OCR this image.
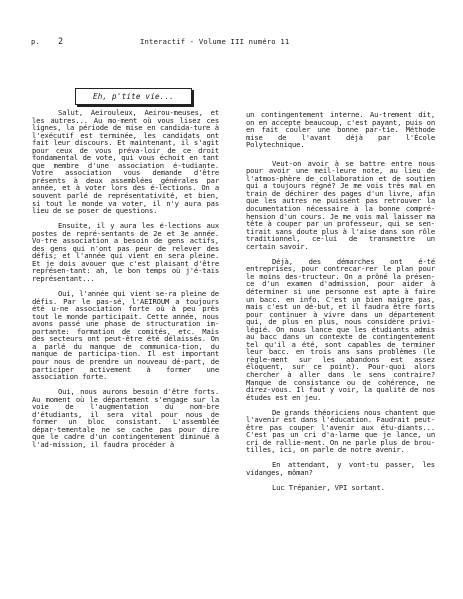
p. 2	Interactif - Volume III numéro 11
Eh, p'tite vie...

Salut, Aeirouleux, Aeirou-meuses, et les autres... Au mo-ment où vous lisez ces lignes, la période de mise en candida-ture à l'exécutif est terminée, les candidats ont fait leur discours. Et maintenant, il s'agit pour ceux de vous préva-loir de ce droit fondamental de vote, qui vous échoit en tant que membre d'une association é-tudiante. Votre association vous demande d'être présents à deux assemblées générales par année, et à voter lors des é-lections. On a souvent parlé de représentativité, et bien, si tout le monde va voter, il n'y aura pas lieu de se poser de questions.

Ensuite, il y aura les é-lections aux postes de repré-sentants de 2e et 3e année. Vo-tre association a besoin de gens actifs, des gens qui n'ont pas peur de relever des défis; et l'année qui vient en sera pleine. Et je dois avouer que c'est plaisant d'être représen-tant: ah, le bon temps où j'é-tais représentant...

Oui, l'année qui vient se-ra pleine de défis. Par le pas-sé, l'AEIROUM a toujours été u-ne association forte où à peu près tout le monde participait. Cette année, nous avons passé une phase de structuration im-portante: formation de comités, etc. Mais des secteurs ont peut-être été délaissés. On a parlé du manque de communica-tion, du manque de participa-tion. Il est important pour nous de prendre un nouveau dé-part, de participer activement à former une association forte.

Oui, nous aurons besoin d'être forts. Au moment où le département s'engage sur la voie de l'augmentation du nom-bre d'étudiants, il sera vital pour nous de former un bloc consistant. L'assemblée dépar-tementale ne se cache pas pour dire que le cadre d'un contingentement diminué à l'ad-mission, il faudra procéder à

un contingentement interne. Au-trement dit, on en accepte beaucoup, c'est payant, puis on en fait couler une bonne par-tie. Méthode mise de l'avant déjà par l'École Polytechnique.

Veut-on avoir à se battre entre nous pour avoir une meil-leure note, au lieu de l'atmos-phère de collaboration et de soutien qui a toujours régné? Je me vois très mal en train de déchirer des pages d'un livre, afin que les autres ne puissent pas retrouver la documentation nécessaire à la bonne compré-hension d'un cours. Je me vois mal laisser ma tête à couper par un professeur, qui se sen-tirait sans doute plus à l'aise dans son rôle traditionnel, ce-lui de transmettre un certain savoir.

Déjà, des démarches ont é-té entreprises, pour contrecar-rer le plan pour le moins des-tructeur. On a prôné la présen-ce d'un examen d'admission, pour aider à déterminer si une personne est apte à faire un bacc. en info. C'est un bien maigre pas, mais c'est un dé-but, et il faudra être forts pour continuer à vivre dans un département qui, de plus en plus, nous considère privi-légié. On nous lance que les étudiants admis au bacc dans un contexte de contingentement tel qu'il a été, sont capables de terminer leur bacc. en trois ans sans problèmes (le règle-ment sur les abandons est assez éloquent, sur ce point). Pour-quoi alors chercher à aller dans le sens contraire? Manque de consistance ou de cohérence, ne direz-vous. Il faut y voir, la qualité de nos études est en jeu.

De grands théoriciens nous chantent que l'avenir est dans l'éducation. Faudrait peut-être pas couper l'avenir aux étu-diants... C'est pas un cri d'a-larme que je lance, un cri de rallie-ment. On ne parle plus de brou-tilles, ici, on parle de notre avenir.

En attendant, y vont-tu passer, les vidanges, môman?

Luc Trépanier, VPI sortant.
